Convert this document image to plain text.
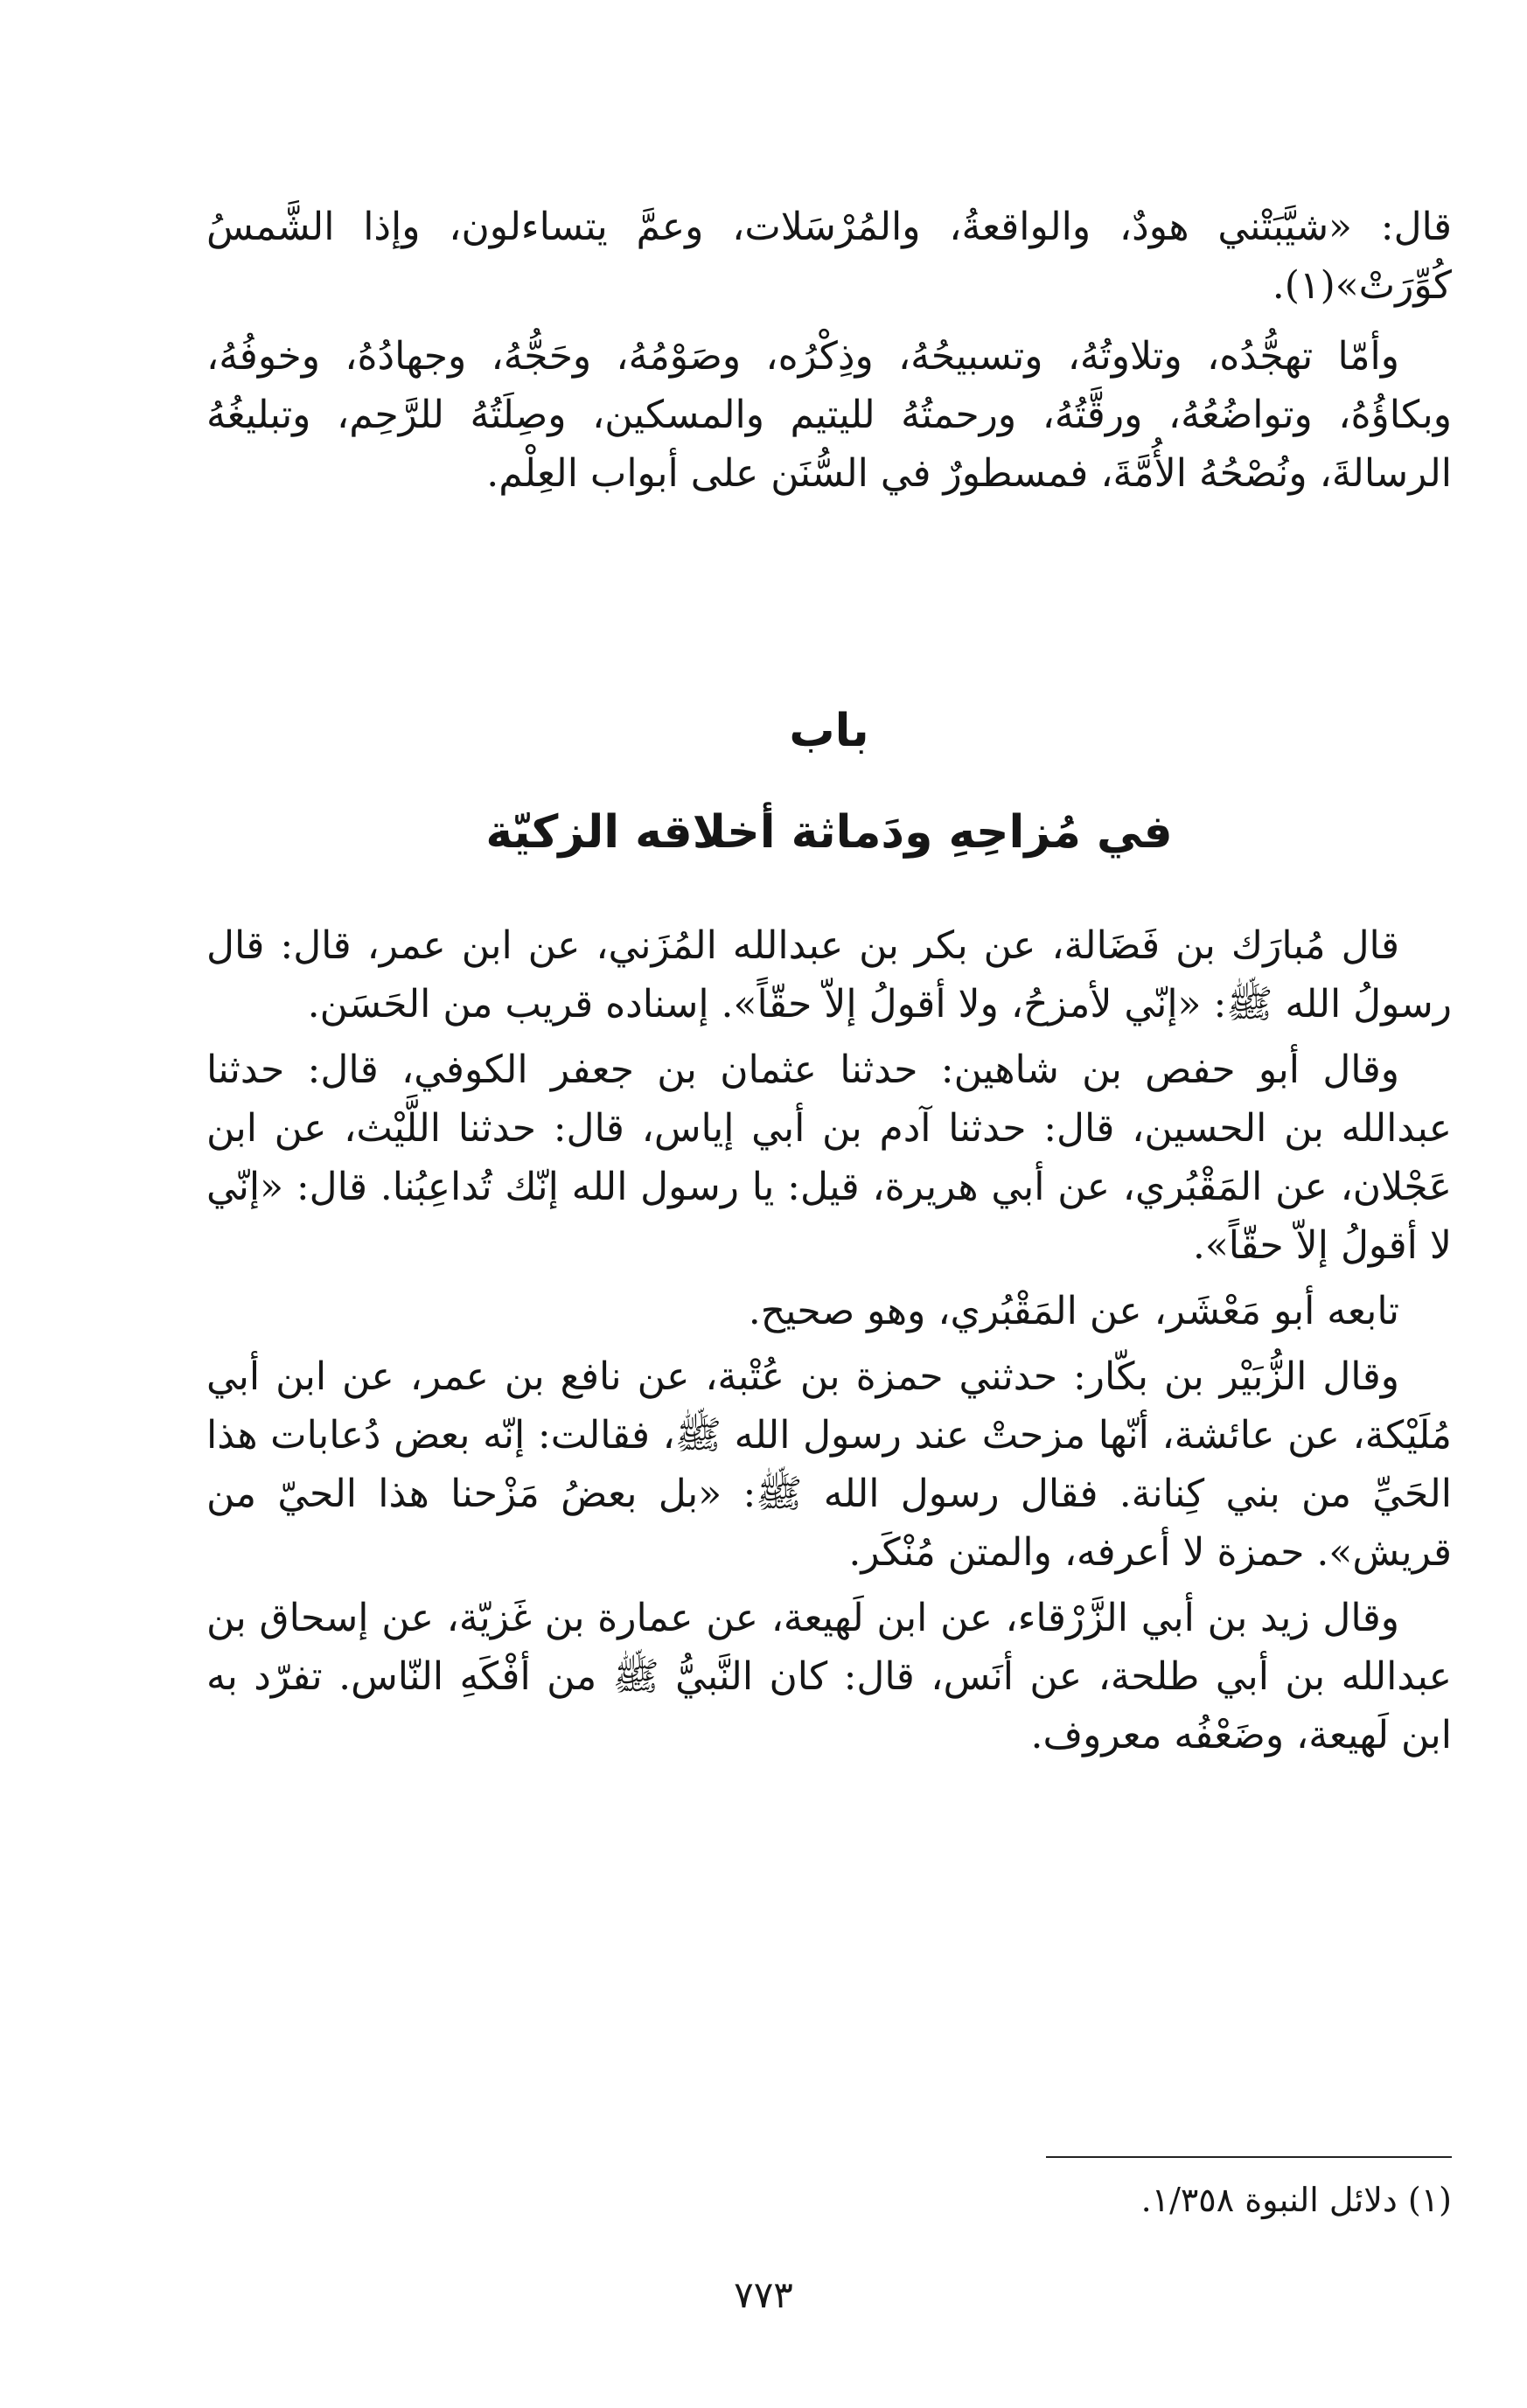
قال: «شيَّبَتْني هودٌ، والواقعةُ، والمُرْسَلات، وعمَّ يتساءلون، وإذا الشَّمسُ كُوِّرَتْ»(١).

وأمّا تهجُّدُه، وتلاوتُهُ، وتسبيحُهُ، وذِكْرُه، وصَوْمُهُ، وحَجُّهُ، وجهادُهُ، وخوفُهُ، وبكاؤُهُ، وتواضُعُهُ، ورقَّتُهُ، ورحمتُهُ لليتيم والمسكين، وصِلَتُهُ للرَّحِم، وتبليغُهُ الرسالةَ، ونُصْحُهُ الأُمَّةَ، فمسطورٌ في السُّنَن على أبواب العِلْم.

باب
في مُزاحِهِ ودَماثة أخلاقه الزكيّة

قال مُبارَك بن فَضَالة، عن بكر بن عبدالله المُزَني، عن ابن عمر، قال: قال رسولُ الله ﷺ: «إنّي لأمزحُ، ولا أقولُ إلاّ حقّاً». إسناده قريب من الحَسَن.

وقال أبو حفص بن شاهين: حدثنا عثمان بن جعفر الكوفي، قال: حدثنا عبدالله بن الحسين، قال: حدثنا آدم بن أبي إياس، قال: حدثنا اللَّيْث، عن ابن عَجْلان، عن المَقْبُري، عن أبي هريرة، قيل: يا رسول الله إنّك تُداعِبُنا. قال: «إنّي لا أقولُ إلاّ حقّاً».

تابعه أبو مَعْشَر، عن المَقْبُري، وهو صحيح.

وقال الزُّبَيْر بن بكّار: حدثني حمزة بن عُتْبة، عن نافع بن عمر، عن ابن أبي مُلَيْكة، عن عائشة، أنّها مزحتْ عند رسول الله ﷺ، فقالت: إنّه بعض دُعابات هذا الحَيِّ من بني كِنانة. فقال رسول الله ﷺ: «بل بعضُ مَزْحنا هذا الحيّ من قريش». حمزة لا أعرفه، والمتن مُنْكَر.

وقال زيد بن أبي الزَّرْقاء، عن ابن لَهيعة، عن عمارة بن غَزيّة، عن إسحاق بن عبدالله بن أبي طلحة، عن أنَس، قال: كان النَّبيُّ ﷺ من أفْكَهِ النّاس. تفرّد به ابن لَهيعة، وضَعْفُه معروف.

(١) دلائل النبوة ١/٣٥٨.
٧٧٣
